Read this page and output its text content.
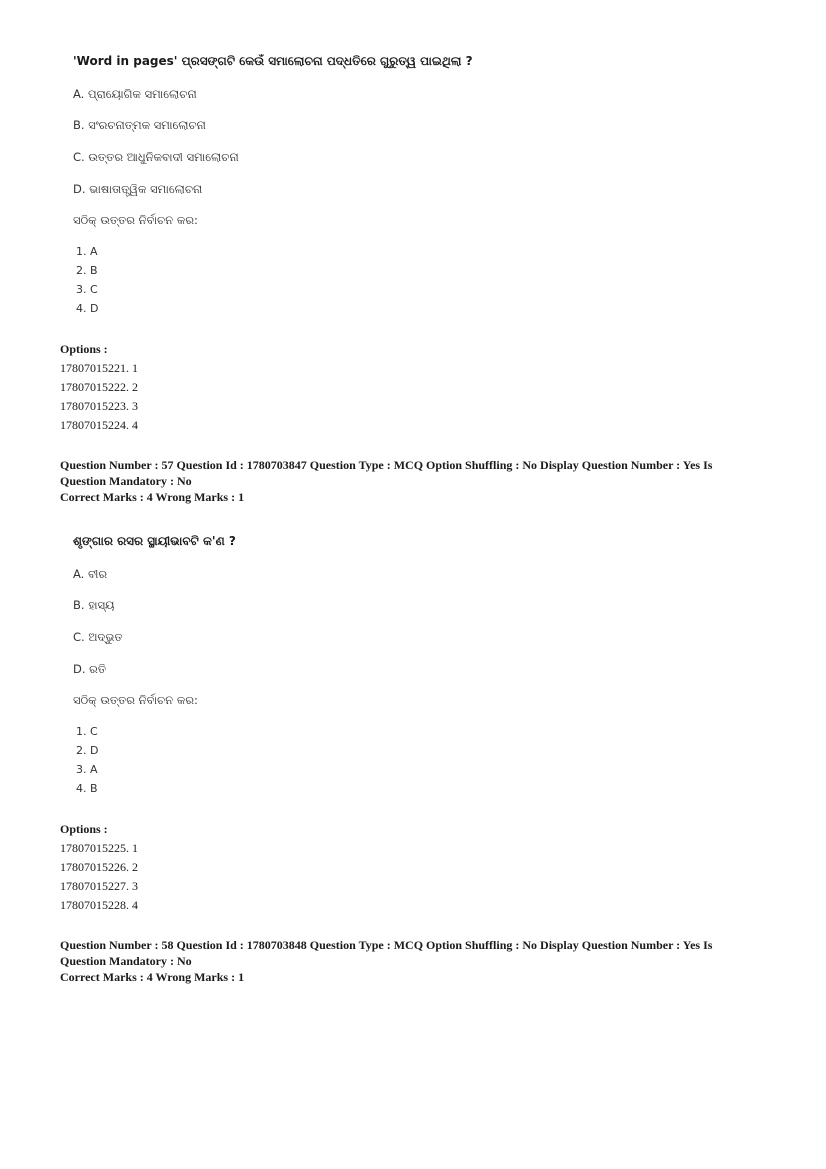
'Word in pages' ପ୍ରସଙ୍ଗଟି କେଉଁ ସମାଲୋଚନା ପଦ୍ଧତିରେ ଗୁରୁତ୍ୱ ପାଇଥିଲା ?

A. ପ୍ରାୟୋଗିକ ସମାଲୋଚନା
B. ସଂରଚନାତ୍ମକ ସମାଲୋଚନା
C. ଉତ୍ତର ଆଧୁନିକବାଦୀ ସମାଲୋଚନା
D. ଭାଷାତାତ୍ତ୍ୱିକ ସମାଲୋଚନା
ସଠିକ୍ ଉତ୍ତର ନିର୍ବାଚନ କର:
1. A
2. B
3. C
4. D
Options :
17807015221. 1
17807015222. 2
17807015223. 3
17807015224. 4
Question Number : 57 Question Id : 1780703847 Question Type : MCQ Option Shuffling : No Display Question Number : Yes Is
Question Mandatory : No
Correct Marks : 4 Wrong Marks : 1

ଶୃଙ୍ଗାର ରସର ସ୍ଥାୟୀଭାବଟି କ'ଣ ?

A. ବୀର
B. ହାସ୍ୟ
C. ଅଦ୍ଭୁତ
D. ରତି
ସଠିକ୍ ଉତ୍ତର ନିର୍ବାଚନ କର:
1. C
2. D
3. A
4. B
Options :
17807015225. 1
17807015226. 2
17807015227. 3
17807015228. 4
Question Number : 58 Question Id : 1780703848 Question Type : MCQ Option Shuffling : No Display Question Number : Yes Is
Question Mandatory : No
Correct Marks : 4 Wrong Marks : 1
